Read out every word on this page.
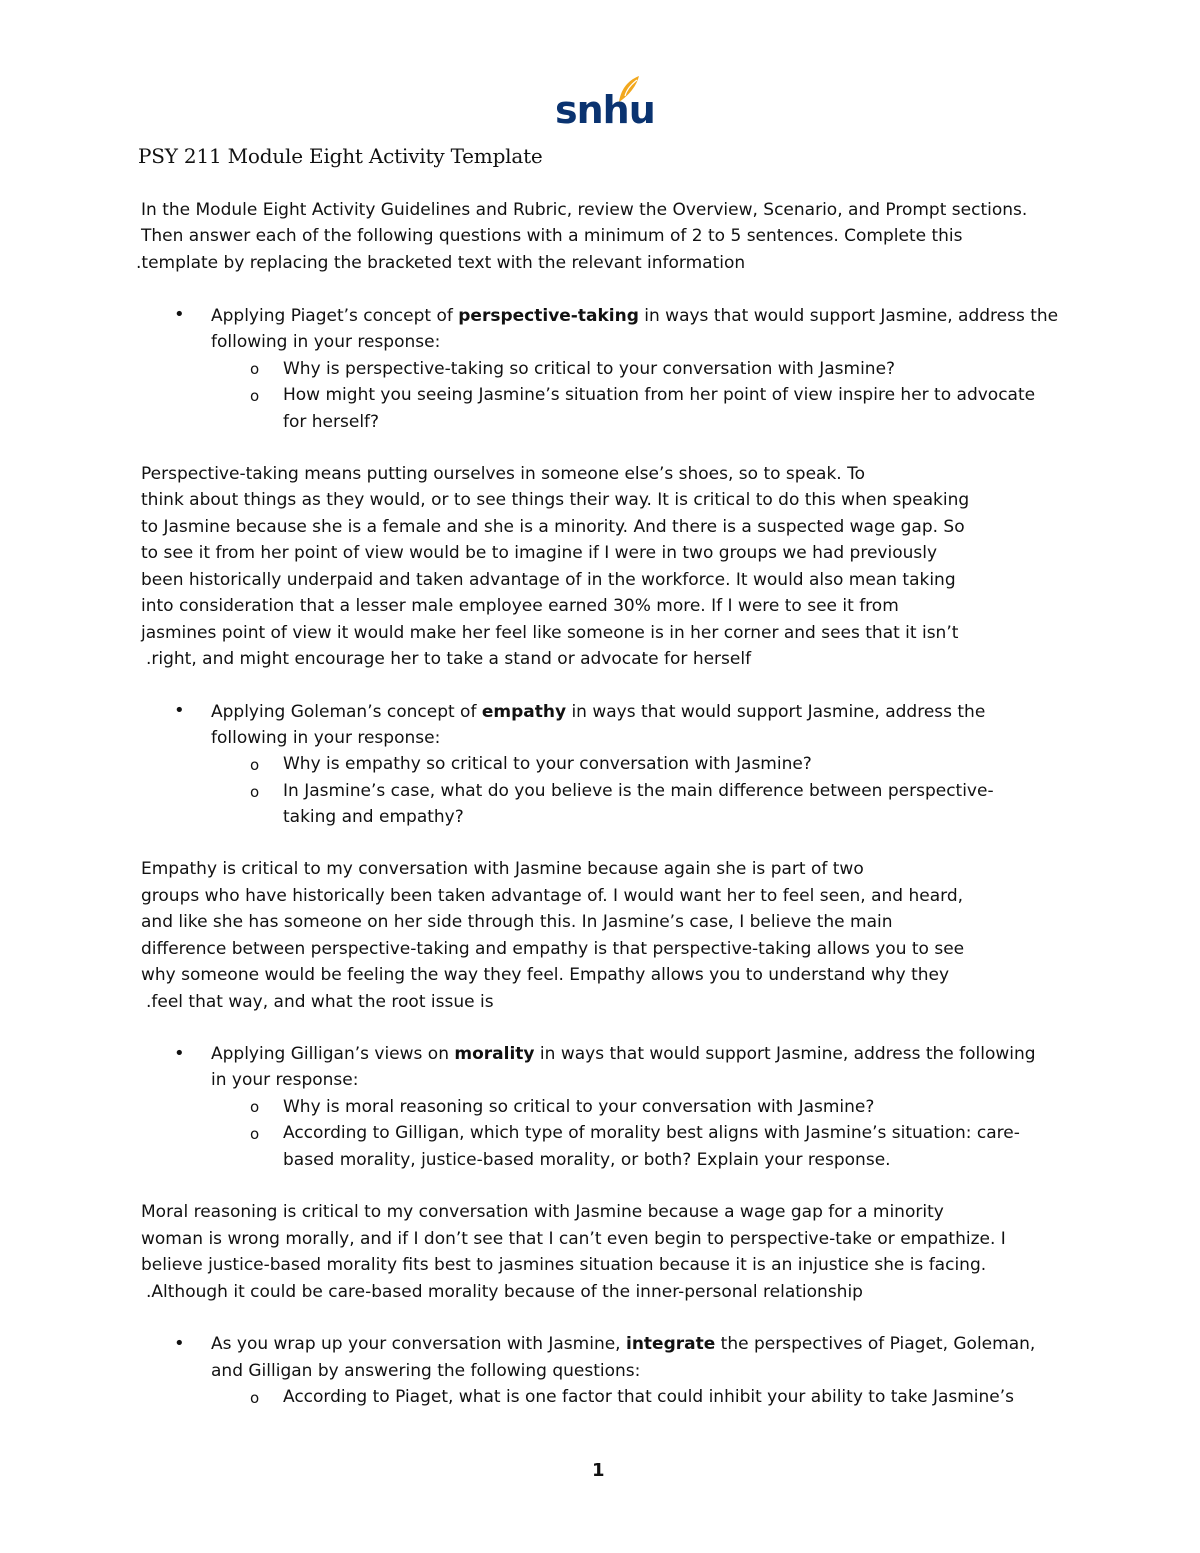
snhu
PSY 211 Module Eight Activity Template
In the Module Eight Activity Guidelines and Rubric, review the Overview, Scenario, and Prompt sections.
Then answer each of the following questions with a minimum of 2 to 5 sentences. Complete this
.template by replacing the bracketed text with the relevant information
• Applying Piaget’s concept of perspective-taking in ways that would support Jasmine, address the
following in your response:
o Why is perspective-taking so critical to your conversation with Jasmine?
o How might you seeing Jasmine’s situation from her point of view inspire her to advocate
for herself?
Perspective-taking means putting ourselves in someone else’s shoes, so to speak. To
think about things as they would, or to see things their way. It is critical to do this when speaking
to Jasmine because she is a female and she is a minority. And there is a suspected wage gap. So
to see it from her point of view would be to imagine if I were in two groups we had previously
been historically underpaid and taken advantage of in the workforce. It would also mean taking
into consideration that a lesser male employee earned 30% more. If I were to see it from
jasmines point of view it would make her feel like someone is in her corner and sees that it isn’t
.right, and might encourage her to take a stand or advocate for herself
• Applying Goleman’s concept of empathy in ways that would support Jasmine, address the
following in your response:
o Why is empathy so critical to your conversation with Jasmine?
o In Jasmine’s case, what do you believe is the main difference between perspective-
taking and empathy?
Empathy is critical to my conversation with Jasmine because again she is part of two
groups who have historically been taken advantage of. I would want her to feel seen, and heard,
and like she has someone on her side through this. In Jasmine’s case, I believe the main
difference between perspective-taking and empathy is that perspective-taking allows you to see
why someone would be feeling the way they feel. Empathy allows you to understand why they
.feel that way, and what the root issue is
• Applying Gilligan’s views on morality in ways that would support Jasmine, address the following
in your response:
o Why is moral reasoning so critical to your conversation with Jasmine?
o According to Gilligan, which type of morality best aligns with Jasmine’s situation: care-
based morality, justice-based morality, or both? Explain your response.
Moral reasoning is critical to my conversation with Jasmine because a wage gap for a minority
woman is wrong morally, and if I don’t see that I can’t even begin to perspective-take or empathize. I
believe justice-based morality fits best to jasmines situation because it is an injustice she is facing.
.Although it could be care-based morality because of the inner-personal relationship
• As you wrap up your conversation with Jasmine, integrate the perspectives of Piaget, Goleman,
and Gilligan by answering the following questions:
o According to Piaget, what is one factor that could inhibit your ability to take Jasmine’s
1
